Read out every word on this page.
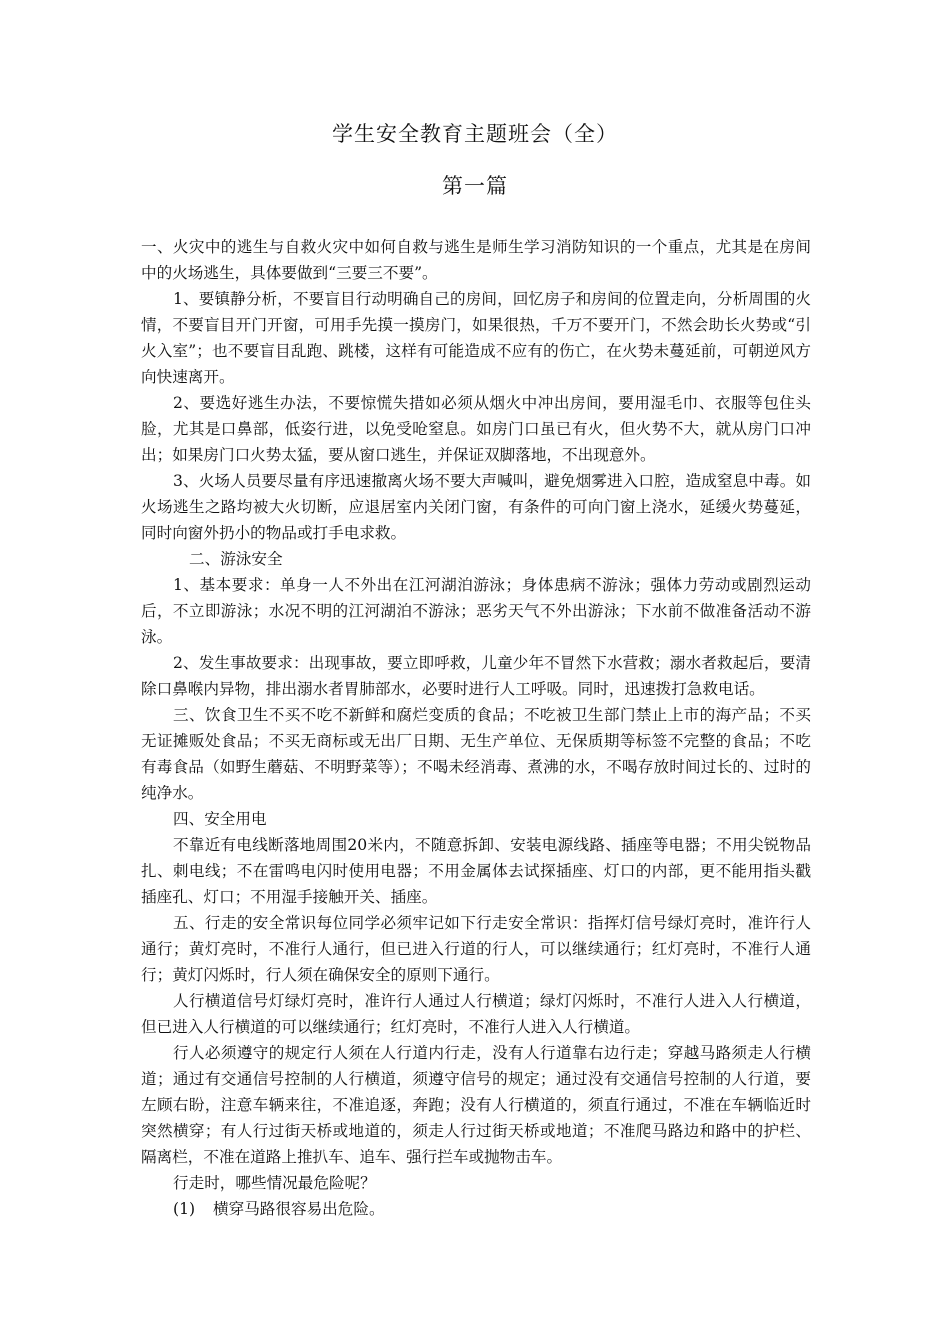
学生安全教育主题班会（全）
第一篇

一、火灾中的逃生与自救火灾中如何自救与逃生是师生学习消防知识的一个重点，尤其是在房间中的火场逃生，具体要做到“三要三不要”。

1、要镇静分析，不要盲目行动明确自己的房间，回忆房子和房间的位置走向，分析周围的火情，不要盲目开门开窗，可用手先摸一摸房门，如果很热，千万不要开门，不然会助长火势或“引火入室”；也不要盲目乱跑、跳楼，这样有可能造成不应有的伤亡，在火势未蔓延前，可朝逆风方向快速离开。

2、要选好逃生办法，不要惊慌失措如必须从烟火中冲出房间，要用湿毛巾、衣服等包住头脸，尤其是口鼻部，低姿行进，以免受呛窒息。如房门口虽已有火，但火势不大，就从房门口冲出；如果房门口火势太猛，要从窗口逃生，并保证双脚落地，不出现意外。

3、火场人员要尽量有序迅速撤离火场不要大声喊叫，避免烟雾进入口腔，造成窒息中毒。如火场逃生之路均被大火切断，应退居室内关闭门窗，有条件的可向门窗上浇水，延缓火势蔓延，同时向窗外扔小的物品或打手电求救。

二、游泳安全

1、基本要求：单身一人不外出在江河湖泊游泳；身体患病不游泳；强体力劳动或剧烈运动后，不立即游泳；水况不明的江河湖泊不游泳；恶劣天气不外出游泳；下水前不做准备活动不游泳。

2、发生事故要求：出现事故，要立即呼救，儿童少年不冒然下水营救；溺水者救起后，要清除口鼻喉内异物，排出溺水者胃肺部水，必要时进行人工呼吸。同时，迅速拨打急救电话。

三、饮食卫生不买不吃不新鲜和腐烂变质的食品；不吃被卫生部门禁止上市的海产品；不买无证摊贩处食品；不买无商标或无出厂日期、无生产单位、无保质期等标签不完整的食品；不吃有毒食品（如野生蘑菇、不明野菜等）；不喝未经消毒、煮沸的水，不喝存放时间过长的、过时的纯净水。

四、安全用电

不靠近有电线断落地周围20米内，不随意拆卸、安装电源线路、插座等电器；不用尖锐物品扎、刺电线；不在雷鸣电闪时使用电器；不用金属体去试探插座、灯口的内部，更不能用指头戳插座孔、灯口；不用湿手接触开关、插座。

五、行走的安全常识每位同学必须牢记如下行走安全常识：指挥灯信号绿灯亮时，准许行人通行；黄灯亮时，不准行人通行，但已进入行道的行人，可以继续通行；红灯亮时，不准行人通行；黄灯闪烁时，行人须在确保安全的原则下通行。

人行横道信号灯绿灯亮时，准许行人通过人行横道；绿灯闪烁时，不准行人进入人行横道，但已进入人行横道的可以继续通行；红灯亮时，不准行人进入人行横道。

行人必须遵守的规定行人须在人行道内行走，没有人行道靠右边行走；穿越马路须走人行横道；通过有交通信号控制的人行横道，须遵守信号的规定；通过没有交通信号控制的人行道，要左顾右盼，注意车辆来往，不准追逐，奔跑；没有人行横道的，须直行通过，不准在车辆临近时突然横穿；有人行过街天桥或地道的，须走人行过街天桥或地道；不准爬马路边和路中的护栏、隔离栏，不准在道路上推扒车、追车、强行拦车或抛物击车。

行走时，哪些情况最危险呢？

(1) 横穿马路很容易出危险。
